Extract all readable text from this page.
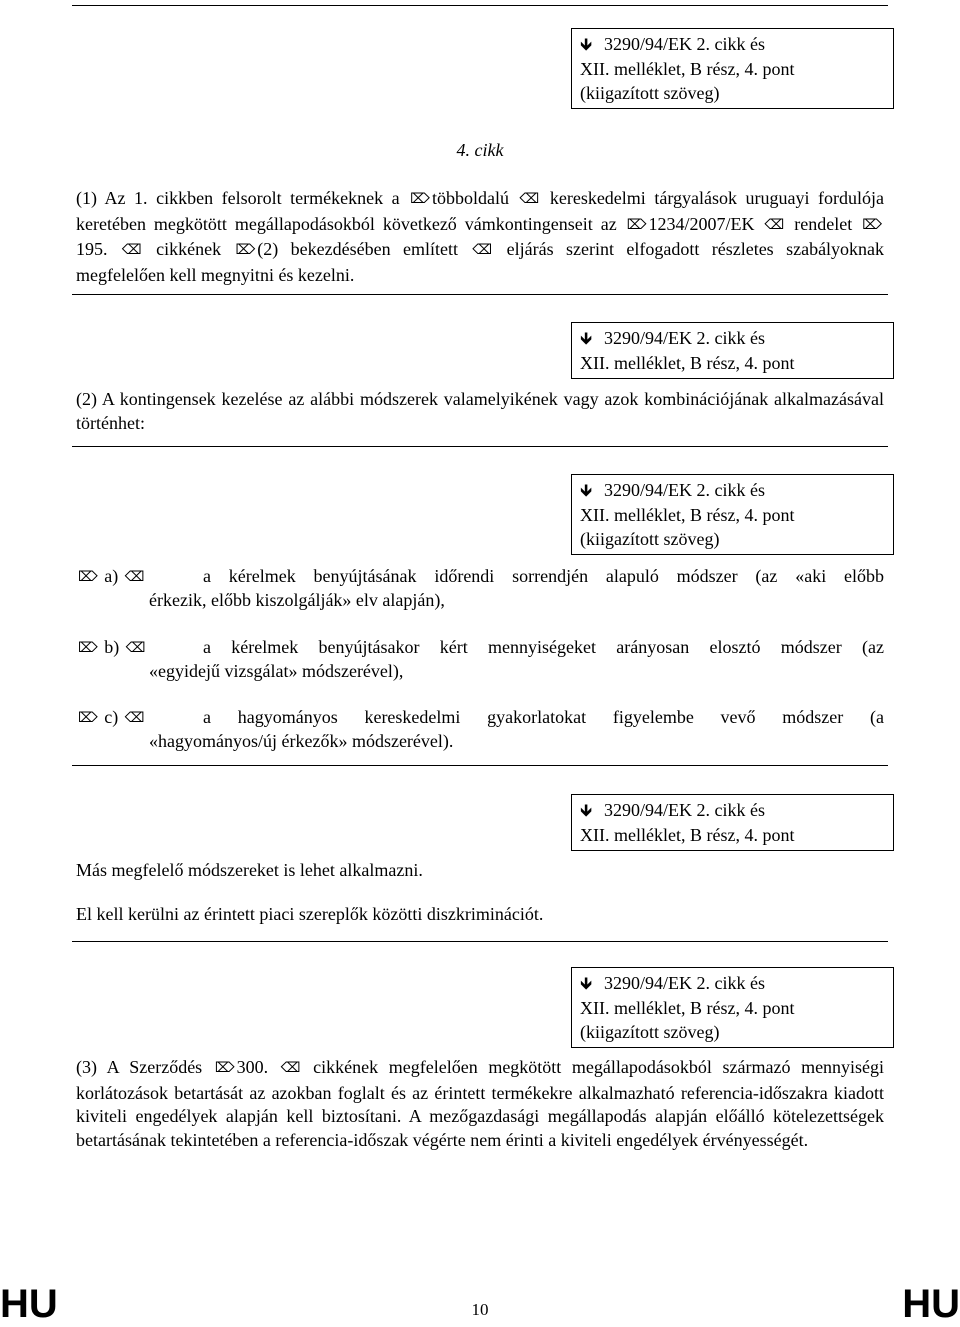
🡻 3290/94/EK 2. cikk és
XII. melléklet, B rész, 4. pont
(kiigazított szöveg)
4. cikk
(1) Az 1. cikkben felsorolt termékeknek a ⌦ többoldalú ⌫ kereskedelmi tárgyalások uruguayi fordulója keretében megkötött megállapodásokból következő vámkontingenseit az ⌦ 1234/2007/EK ⌫ rendelet ⌦195. ⌫ cikkének ⌦ (2) bekezdésében említett ⌫ eljárás szerint elfogadott részletes szabályoknak megfelelően kell megnyitni és kezelni.
🡻 3290/94/EK 2. cikk és
XII. melléklet, B rész, 4. pont
(2) A kontingensek kezelése az alábbi módszerek valamelyikének vagy azok kombinációjának alkalmazásával történhet:
🡻 3290/94/EK 2. cikk és
XII. melléklet, B rész, 4. pont
(kiigazított szöveg)
⌦ a) ⌫	a kérelmek benyújtásának időrendi sorrendjén alapuló módszer (az «aki előbb
érkezik, előbb kiszolgálják» elv alapján),
⌦ b) ⌫	a kérelmek benyújtásakor kért mennyiségeket arányosan elosztó módszer (az
«egyidejű vizsgálat» módszerével),
⌦ c) ⌫	a hagyományos kereskedelmi gyakorlatokat figyelembe vevő módszer (a
«hagyományos/új érkezők» módszerével).
🡻 3290/94/EK 2. cikk és
XII. melléklet, B rész, 4. pont
Más megfelelő módszereket is lehet alkalmazni.
El kell kerülni az érintett piaci szereplők közötti diszkriminációt.
🡻 3290/94/EK 2. cikk és
XII. melléklet, B rész, 4. pont
(kiigazított szöveg)
(3) A Szerződés ⌦ 300. ⌫ cikkének megfelelően megkötött megállapodásokból származó mennyiségi korlátozások betartását az azokban foglalt és az érintett termékekre alkalmazható referencia-időszakra kiadott kiviteli engedélyek alapján kell biztosítani. A mezőgazdasági megállapodás alapján előálló kötelezettségek betartásának tekintetében a referencia-időszak végérte nem érinti a kiviteli engedélyek érvényességét.
HU	10	HU
